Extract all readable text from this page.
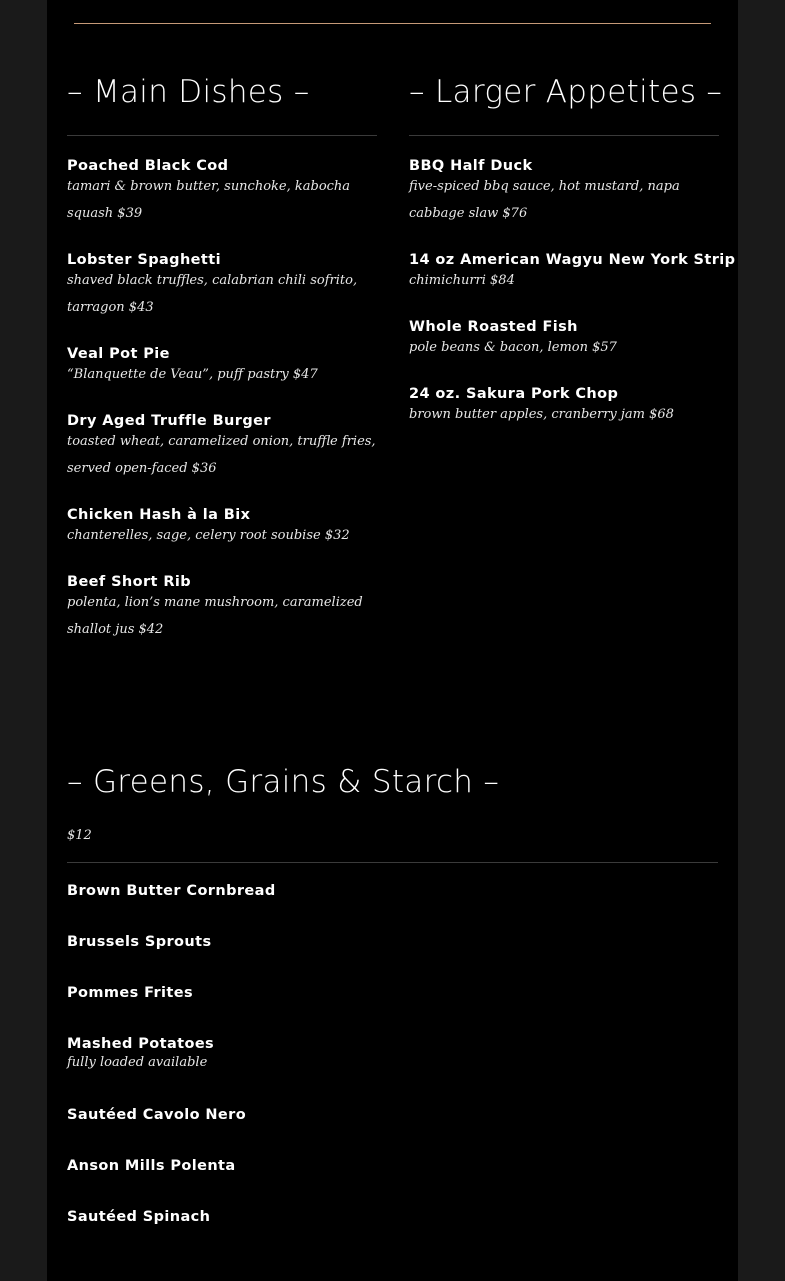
– Main Dishes –
Poached Black Cod
tamari & brown butter, sunchoke, kabocha squash $39
Lobster Spaghetti
shaved black truffles, calabrian chili sofrito, tarragon $43
Veal Pot Pie
“Blanquette de Veau”, puff pastry $47
Dry Aged Truffle Burger
toasted wheat, caramelized onion, truffle fries, served open-faced $36
Chicken Hash à la Bix
chanterelles, sage, celery root soubise $32
Beef Short Rib
polenta, lion’s mane mushroom, caramelized shallot jus $42
– Larger Appetites –
BBQ Half Duck
five-spiced bbq sauce, hot mustard, napa cabbage slaw $76
14 oz American Wagyu New York Strip
chimichurri $84
Whole Roasted Fish
pole beans & bacon, lemon $57
24 oz. Sakura Pork Chop
brown butter apples, cranberry jam $68
– Greens, Grains & Starch –
$12
Brown Butter Cornbread
Brussels Sprouts
Pommes Frites
Mashed Potatoes
fully loaded available
Sautéed Cavolo Nero
Anson Mills Polenta
Sautéed Spinach
